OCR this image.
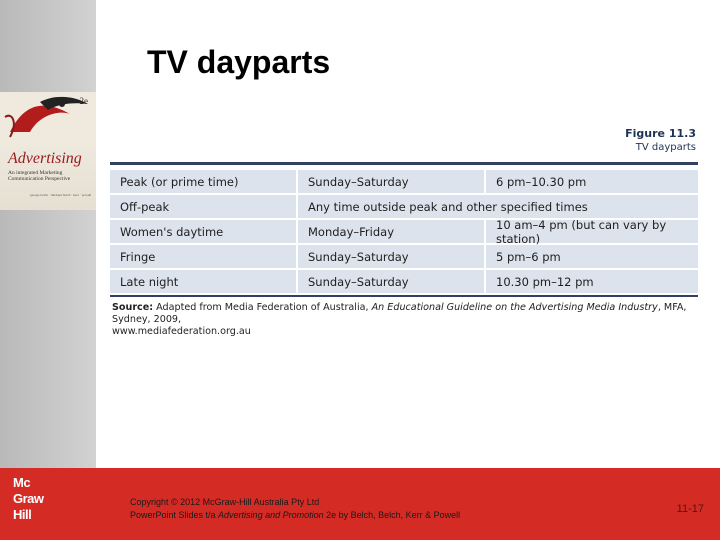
2e
Advertising
An integrated Marketing Communication Perspective
george belch · michael belch · kerr · powell
TV dayparts
Figure 11.3
TV dayparts
Peak (or prime time)	Sunday–Saturday	6 pm–10.30 pm
Off-peak	Any time outside peak and other specified times
Women's daytime	Monday–Friday	10 am–4 pm (but can vary by station)
Fringe	Sunday–Saturday	5 pm–6 pm
Late night	Sunday–Saturday	10.30 pm–12 pm
Source: Adapted from Media Federation of Australia, An Educational Guideline on the Advertising Media Industry, MFA, Sydney, 2009,
www.mediafederation.org.au
Mc
Graw
Hill
Copyright © 2012 McGraw-Hill Australia Pty Ltd
PowerPoint Slides t/a Advertising and Promotion 2e by Belch, Belch, Kerr & Powell	11-17
